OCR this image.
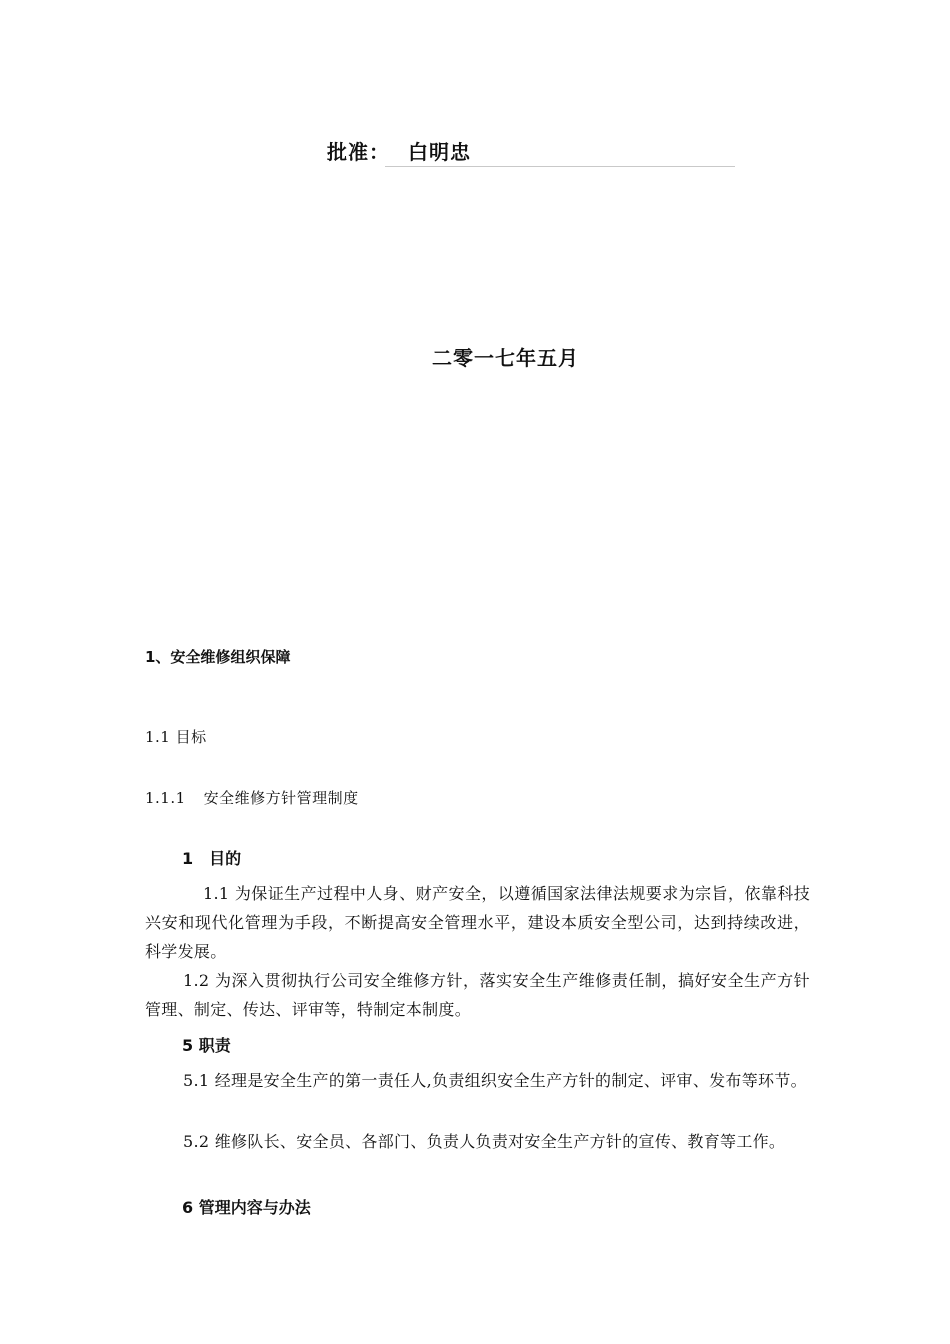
批准： 白明忠
二零一七年五月
1、安全维修组织保障
1.1 目标
1.1.1 安全维修方针管理制度
1　目的
1.1 为保证生产过程中人身、财产安全，以遵循国家法律法规要求为宗旨，依靠科技兴安和现代化管理为手段，不断提高安全管理水平，建设本质安全型公司，达到持续改进，科学发展。
1.2 为深入贯彻执行公司安全维修方针，落实安全生产维修责任制，搞好安全生产方针管理、制定、传达、评审等，特制定本制度。
5 职责
5.1 经理是安全生产的第一责任人,负责组织安全生产方针的制定、评审、发布等环节。
5.2 维修队长、安全员、各部门、负责人负责对安全生产方针的宣传、教育等工作。
6 管理内容与办法
